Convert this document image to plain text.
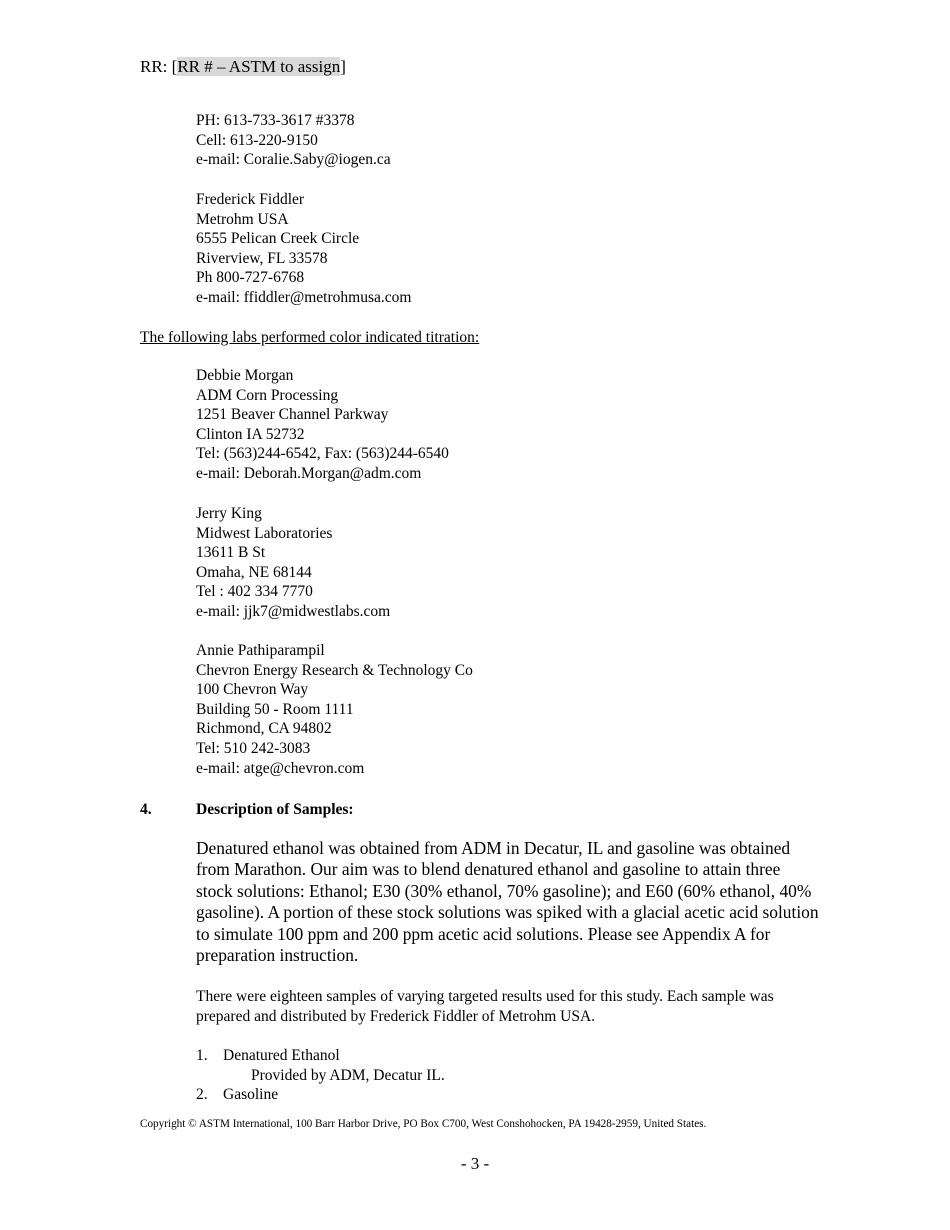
RR: [RR # – ASTM to assign]
PH: 613-733-3617 #3378
Cell: 613-220-9150
e-mail: Coralie.Saby@iogen.ca
Frederick Fiddler
Metrohm USA
6555 Pelican Creek Circle
Riverview, FL 33578
Ph 800-727-6768
e-mail: ffiddler@metrohmusa.com
The following labs performed color indicated titration:
Debbie Morgan
ADM Corn Processing
1251 Beaver Channel Parkway
Clinton IA 52732
Tel: (563)244-6542, Fax: (563)244-6540
e-mail: Deborah.Morgan@adm.com
Jerry King
Midwest Laboratories
13611 B St
Omaha, NE 68144
Tel : 402 334 7770
e-mail: jjk7@midwestlabs.com
Annie Pathiparampil
Chevron Energy Research & Technology Co
100 Chevron Way
Building 50 - Room 1111
Richmond, CA 94802
Tel: 510 242-3083
e-mail: atge@chevron.com
4.	Description of Samples:
Denatured ethanol was obtained from ADM in Decatur, IL and gasoline was obtained from Marathon. Our aim was to blend denatured ethanol and gasoline to attain three stock solutions: Ethanol; E30 (30% ethanol, 70% gasoline); and E60 (60% ethanol, 40% gasoline). A portion of these stock solutions was spiked with a glacial acetic acid solution to simulate 100 ppm and 200 ppm acetic acid solutions. Please see Appendix A for preparation instruction.
There were eighteen samples of varying targeted results used for this study. Each sample was prepared and distributed by Frederick Fiddler of Metrohm USA.
1. Denatured Ethanol
Provided by ADM, Decatur IL.
2. Gasoline
Copyright © ASTM International, 100 Barr Harbor Drive, PO Box C700, West Conshohocken, PA 19428-2959, United States.
- 3 -
